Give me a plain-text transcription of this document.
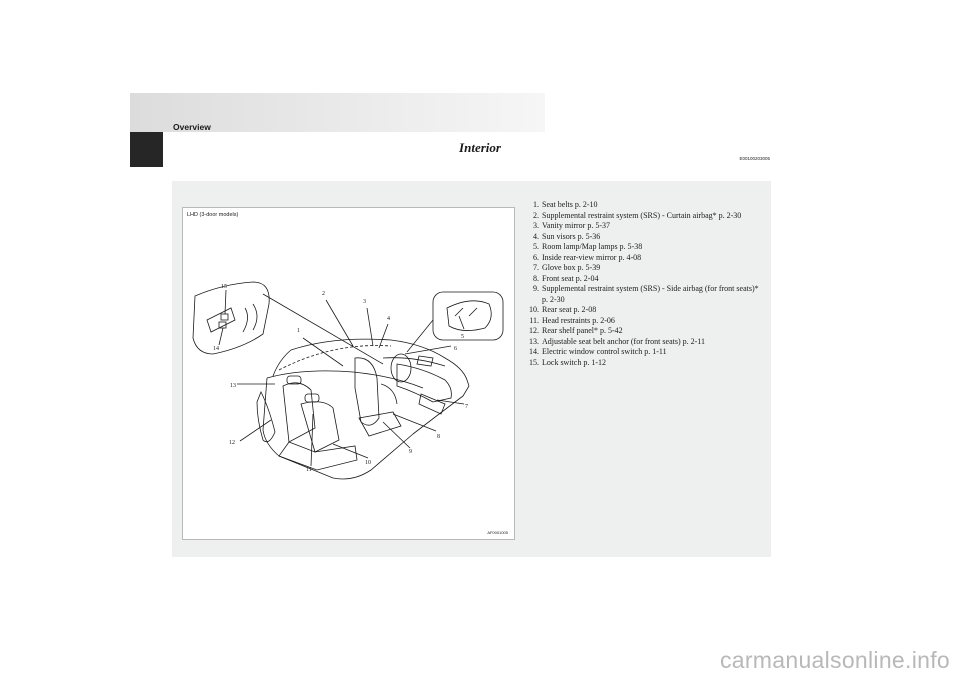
Overview
Interior
E00100203005
LHD (3-door models)
1
2
3
4
5
6
7
8
9
10
11
12
13
14
15
AF0001005
1. Seat belts p. 2-10
2. Supplemental restraint system (SRS) - Curtain airbag* p. 2-30
3. Vanity mirror p. 5-37
4. Sun visors p. 5-36
5. Room lamp/Map lamps p. 5-38
6. Inside rear-view mirror p. 4-08
7. Glove box p. 5-39
8. Front seat p. 2-04
9. Supplemental restraint system (SRS) - Side airbag (for front seats)* p. 2-30
10. Rear seat p. 2-08
11. Head restraints p. 2-06
12. Rear shelf panel* p. 5-42
13. Adjustable seat belt anchor (for front seats) p. 2-11
14. Electric window control switch p. 1-11
15. Lock switch p. 1-12
carmanualsonline.info
